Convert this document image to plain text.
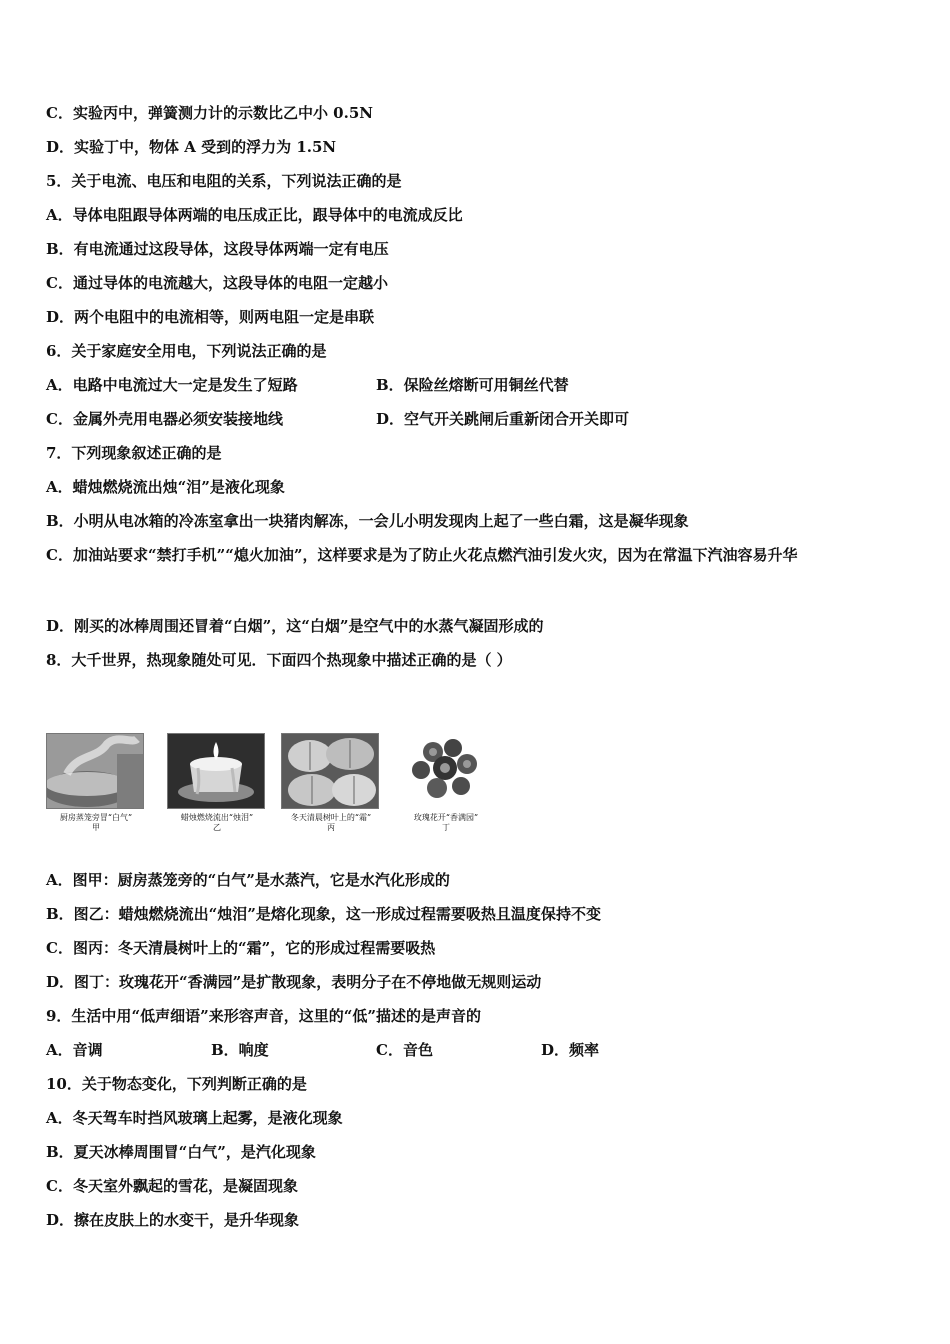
C．实验丙中，弹簧测力计的示数比乙中小 0.5N
D．实验丁中，物体 A 受到的浮力为 1.5N
5．关于电流、电压和电阻的关系，下列说法正确的是
A．导体电阻跟导体两端的电压成正比，跟导体中的电流成反比
B．有电流通过这段导体，这段导体两端一定有电压
C．通过导体的电流越大，这段导体的电阻一定越小
D．两个电阻中的电流相等，则两电阻一定是串联
6．关于家庭安全用电，下列说法正确的是
A．电路中电流过大一定是发生了短路	B．保险丝熔断可用铜丝代替
C．金属外壳用电器必须安装接地线	D．空气开关跳闸后重新闭合开关即可
7．下列现象叙述正确的是
A．蜡烛燃烧流出烛“泪”是液化现象
B．小明从电冰箱的冷冻室拿出一块猪肉解冻，一会儿小明发现肉上起了一些白霜，这是凝华现象
C．加油站要求“禁打手机”“熄火加油”，这样要求是为了防止火花点燃汽油引发火灾，因为在常温下汽油容易升华
D．刚买的冰棒周围还冒着“白烟”，这“白烟”是空气中的水蒸气凝固形成的
8．大千世界，热现象随处可见．下面四个热现象中描述正确的是（ ）
厨房蒸笼旁冒“白气”
甲
蜡烛燃烧流出“烛泪”
乙
冬天清晨树叶上的“霜”
丙
玫瑰花开“香满园”
丁
A．图甲：厨房蒸笼旁的“白气”是水蒸汽，它是水汽化形成的
B．图乙：蜡烛燃烧流出“烛泪”是熔化现象，这一形成过程需要吸热且温度保持不变
C．图丙：冬天清晨树叶上的“霜”，它的形成过程需要吸热
D．图丁：玫瑰花开“香满园”是扩散现象，表明分子在不停地做无规则运动
9．生活中用“低声细语”来形容声音，这里的“低”描述的是声音的
A．音调	B．响度	C．音色	D．频率
10．关于物态变化，下列判断正确的是
A．冬天驾车时挡风玻璃上起雾，是液化现象
B．夏天冰棒周围冒“白气”，是汽化现象
C．冬天室外飘起的雪花，是凝固现象
D．擦在皮肤上的水变干，是升华现象
